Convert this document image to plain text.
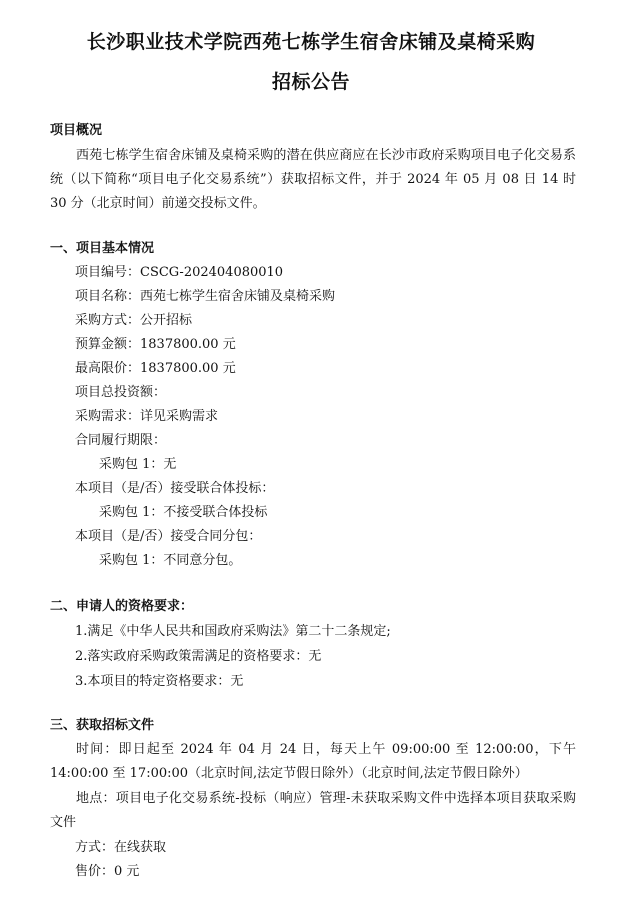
长沙职业技术学院西苑七栋学生宿舍床铺及桌椅采购
招标公告
项目概况
西苑七栋学生宿舍床铺及桌椅采购的潜在供应商应在长沙市政府采购项目电子化交易系统（以下简称“项目电子化交易系统”）获取招标文件，并于 2024 年 05 月 08 日 14 时 30 分（北京时间）前递交投标文件。
一、项目基本情况
项目编号：CSCG-202404080010
项目名称：西苑七栋学生宿舍床铺及桌椅采购
采购方式：公开招标
预算金额：1837800.00 元
最高限价：1837800.00 元
项目总投资额：
采购需求：详见采购需求
合同履行期限：
采购包 1：无
本项目（是/否）接受联合体投标：
采购包 1：不接受联合体投标
本项目（是/否）接受合同分包：
采购包 1：不同意分包。
二、申请人的资格要求：
1.满足《中华人民共和国政府采购法》第二十二条规定;
2.落实政府采购政策需满足的资格要求：无
3.本项目的特定资格要求：无
三、获取招标文件
时间：即日起至 2024 年 04 月 24 日，每天上午 09:00:00 至 12:00:00，下午 14:00:00 至 17:00:00（北京时间,法定节假日除外）（北京时间,法定节假日除外）
地点：项目电子化交易系统-投标（响应）管理-未获取采购文件中选择本项目获取采购文件
方式：在线获取
售价：0 元
